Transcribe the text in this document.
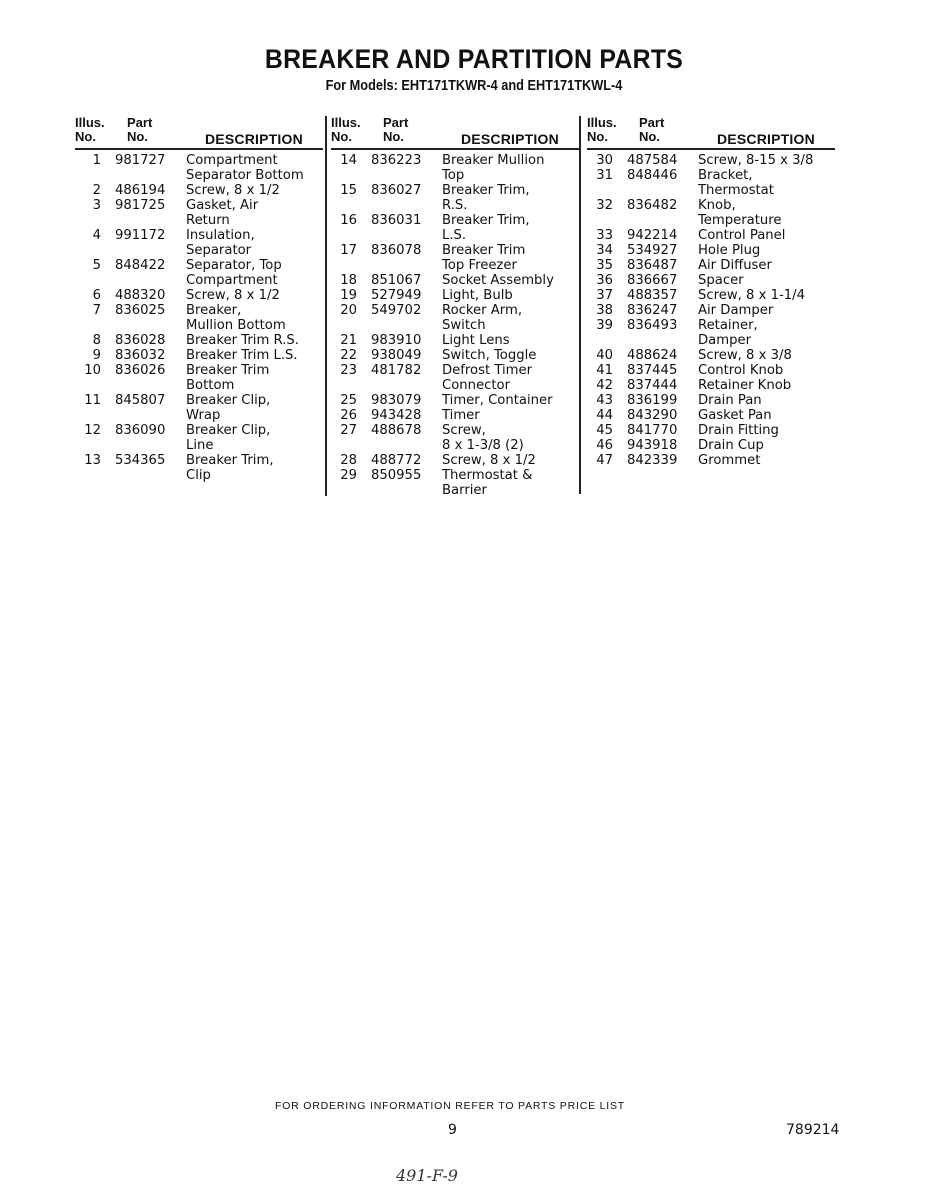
BREAKER AND PARTITION PARTS
For Models: EHT171TKWR-4 and EHT171TKWL-4
Illus.
No.
Part
No.	DESCRIPTION
1 981727 Compartment
Separator Bottom
2 486194 Screw, 8 x 1/2
3 981725 Gasket, Air
Return
4 991172 Insulation,
Separator
5 848422 Separator, Top
Compartment
6 488320 Screw, 8 x 1/2
7 836025 Breaker,
Mullion Bottom
8 836028 Breaker Trim R.S.
9 836032 Breaker Trim L.S.
10 836026 Breaker Trim
Bottom
11 845807 Breaker Clip,
Wrap
12 836090 Breaker Clip,
Line
13 534365 Breaker Trim,
Clip
Illus.
No.
Part
No.	DESCRIPTION
14 836223 Breaker Mullion
Top
15 836027 Breaker Trim,
R.S.
16 836031 Breaker Trim,
L.S.
17 836078 Breaker Trim
Top Freezer
18 851067 Socket Assembly
19 527949 Light, Bulb
20 549702 Rocker Arm,
Switch
21 983910 Light Lens
22 938049 Switch, Toggle
23 481782 Defrost Timer
Connector
25 983079 Timer, Container
26 943428 Timer
27 488678 Screw,
8 x 1-3/8 (2)
28 488772 Screw, 8 x 1/2
29 850955 Thermostat &
Barrier
Illus.
No.
Part
No.	DESCRIPTION
30 487584 Screw, 8-15 x 3/8
31 848446 Bracket,
Thermostat
32 836482 Knob,
Temperature
33 942214 Control Panel
34 534927 Hole Plug
35 836487 Air Diffuser
36 836667 Spacer
37 488357 Screw, 8 x 1-1/4
38 836247 Air Damper
39 836493 Retainer,
Damper
40 488624 Screw, 8 x 3/8
41 837445 Control Knob
42 837444 Retainer Knob
43 836199 Drain Pan
44 843290 Gasket Pan
45 841770 Drain Fitting
46 943918 Drain Cup
47 842339 Grommet
FOR ORDERING INFORMATION REFER TO PARTS PRICE LIST
9	789214
491-F-9
